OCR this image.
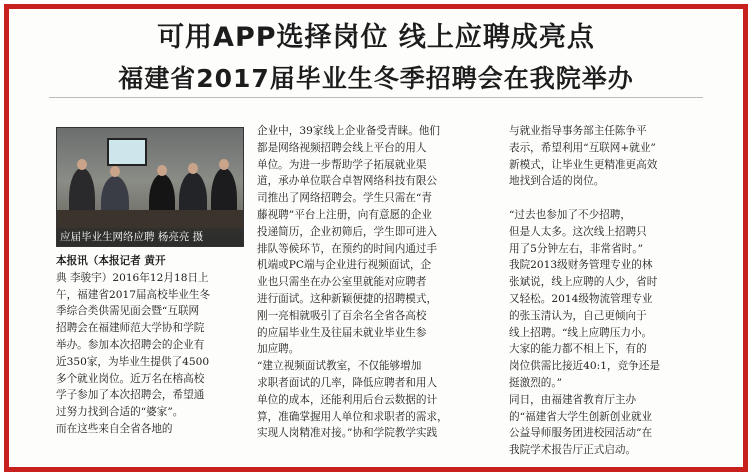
可用APP选择岗位 线上应聘成亮点
福建省2017届毕业生冬季招聘会在我院举办
应届毕业生网络应聘 杨亮亮 摄
本报讯（本报记者 黄开
典 李骏宇）2016年12月18日上
午，福建省2017届高校毕业生冬
季综合类供需见面会暨“互联网
招聘会在福建师范大学协和学院
举办。参加本次招聘会的企业有
近350家，为毕业生提供了4500
多个就业岗位。近万名在榕高校
学子参加了本次招聘会，希望通
过努力找到合适的“婆家”。
而在这些来自全省各地的
企业中，39家线上企业备受青睐。他们
都是网络视频招聘会线上平台的用人
单位。为进一步帮助学子拓展就业渠
道，承办单位联合卓智网络科技有限公
司推出了网络招聘会。学生只需在“青
藤视聘”平台上注册，向有意愿的企业
投递简历，企业初筛后，学生即可进入
排队等候环节，在预约的时间内通过手
机端或PC端与企业进行视频面试，企
业也只需坐在办公室里就能对应聘者
进行面试。这种新颖便捷的招聘模式，
刚一亮相就吸引了百余名全省各高校
的应届毕业生及往届未就业毕业生参
加应聘。
“建立视频面试教室，不仅能够增加
求职者面试的几率，降低应聘者和用人
单位的成本，还能利用后台云数据的计
算，准确掌握用人单位和求职者的需求，
实现人岗精准对接。”协和学院教学实践
与就业指导事务部主任陈争平
表示，希望利用“互联网+就业”
新模式，让毕业生更精准更高效
地找到合适的岗位。
“过去也参加了不少招聘，
但是人太多。这次线上招聘只
用了5分钟左右，非常省时。”
我院2013级财务管理专业的林
张斌说，线上应聘的人少，省时
又轻松。2014级物流管理专业
的张玉清认为，自己更倾向于
线上招聘。“线上应聘压力小。
大家的能力都不相上下，有的
岗位供需比接近40:1，竞争还是
挺激烈的。”
同日，由福建省教育厅主办
的“福建省大学生创新创业就业
公益导师服务团进校园活动”在
我院学术报告厅正式启动。
